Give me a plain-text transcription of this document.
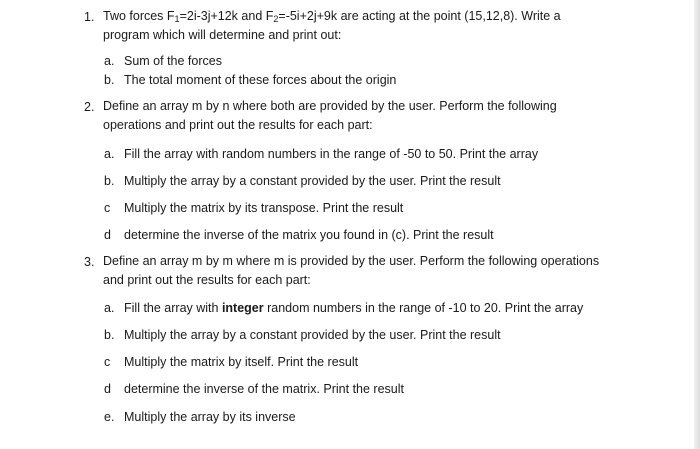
1. Two forces $F_1=2i-3j+12k$ and $F_2=-5i+2j+9k$ are acting at the point (15,12,8). Write a
program which will determine and print out:
a. Sum of the forces
b. The total moment of these forces about the origin
2. Define an array m by n where both are provided by the user. Perform the following
operations and print out the results for each part:
a. Fill the array with random numbers in the range of -50 to 50. Print the array
b. Multiply the array by a constant provided by the user. Print the result
c Multiply the matrix by its transpose. Print the result
d determine the inverse of the matrix you found in (c). Print the result
3. Define an array m by m where m is provided by the user. Perform the following operations
and print out the results for each part:
a. Fill the array with integer random numbers in the range of -10 to 20. Print the array
b. Multiply the array by a constant provided by the user. Print the result
c Multiply the matrix by itself. Print the result
d determine the inverse of the matrix. Print the result
e. Multiply the array by its inverse
